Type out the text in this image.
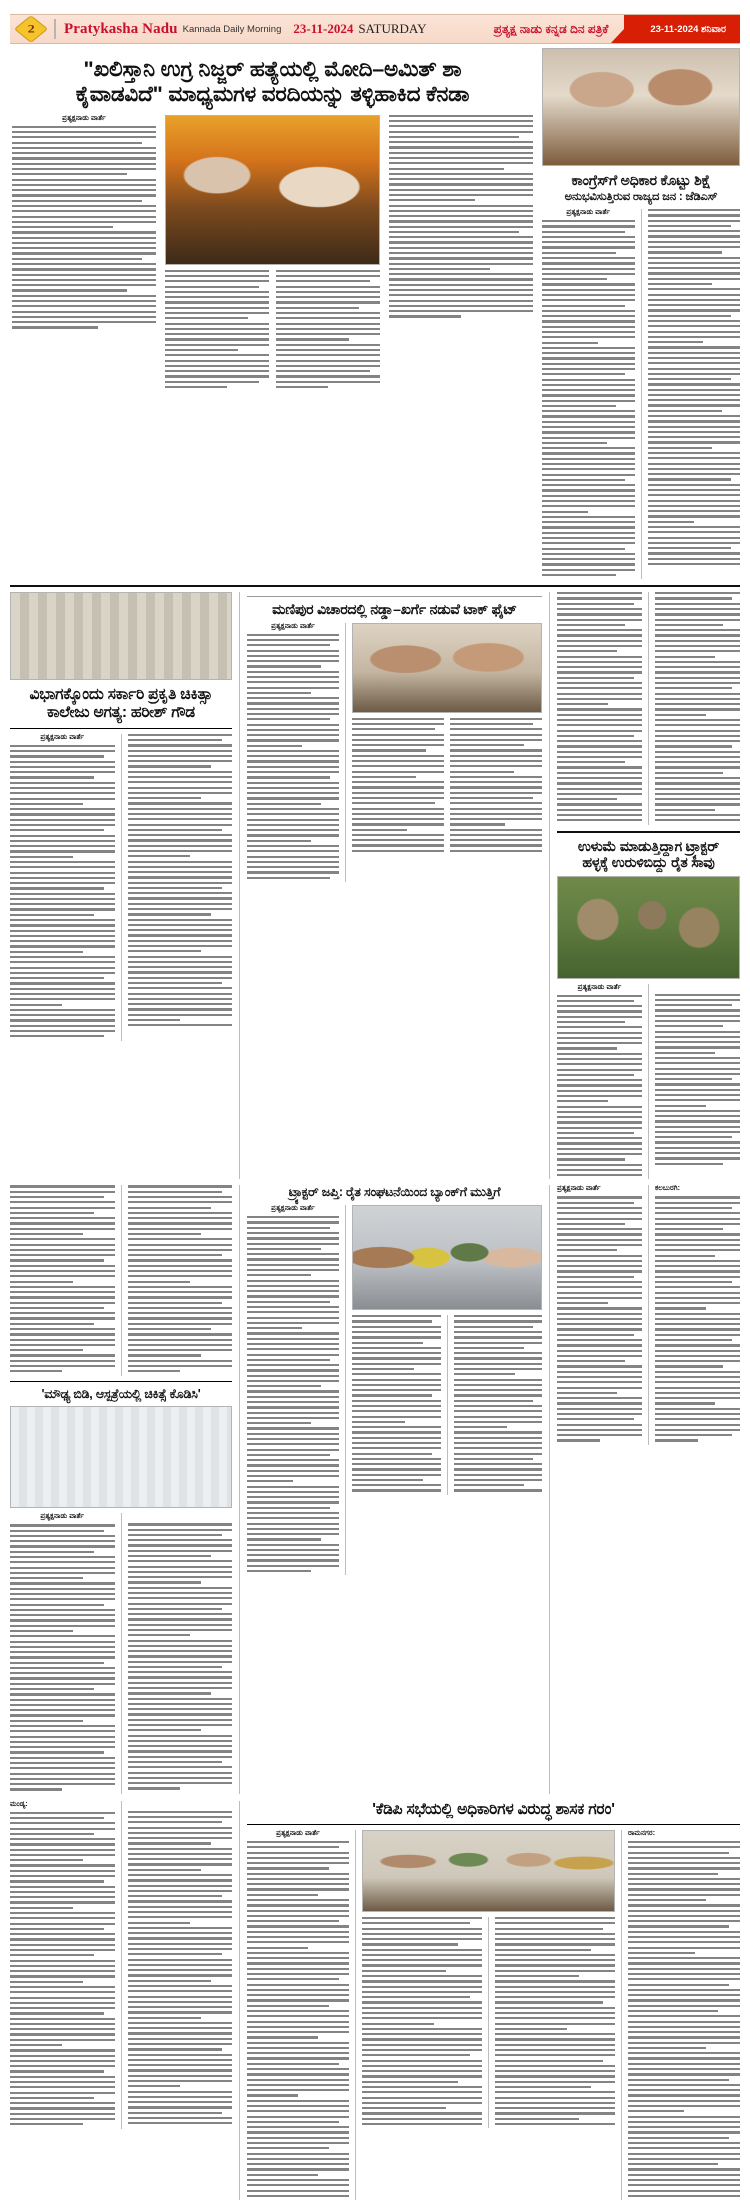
2 Pratykasha Nadu Kannada Daily Morning 23-11-2024 SATURDAY	ಪ್ರತ್ಯಕ್ಷ ನಾಡು ಕನ್ನಡ ದಿನ ಪತ್ರಿಕೆ	23-11-2024 ಶನಿವಾರ
"ಖಲಿಸ್ತಾನಿ ಉಗ್ರ ನಿಜ್ಜರ್ ಹತ್ಯೆಯಲ್ಲಿ ಮೋದಿ–ಅಮಿತ್ ಶಾ
ಕೈವಾಡವಿದೆ" ಮಾಧ್ಯಮಗಳ ವರದಿಯನ್ನು ತಳ್ಳಿಹಾಕಿದ ಕೆನಡಾ
ಪ್ರತ್ಯಕ್ಷನಾಡು ವಾರ್ತೆ
ಕಾಂಗ್ರೆಸ್‌ಗೆ ಅಧಿಕಾರ ಕೊಟ್ಟು ಶಿಕ್ಷೆ
ಅನುಭವಿಸುತ್ತಿರುವ ರಾಜ್ಯದ ಜನ : ಜೆಡಿಎಸ್
ಪ್ರತ್ಯಕ್ಷನಾಡು ವಾರ್ತೆ
ವಿಭಾಗಕ್ಕೊಂದು ಸರ್ಕಾರಿ ಪ್ರಕೃತಿ ಚಿಕಿತ್ಸಾ
ಕಾಲೇಜು ಅಗತ್ಯ: ಹರೀಶ್ ಗೌಡ
ಪ್ರತ್ಯಕ್ಷನಾಡು ವಾರ್ತೆ
ಮಣಿಪುರ ವಿಚಾರದಲ್ಲಿ ನಡ್ಡಾ–ಖರ್ಗೆ ನಡುವೆ ಟಾಕ್ ಫೈಟ್
ಪ್ರತ್ಯಕ್ಷನಾಡು ವಾರ್ತೆ
ಉಳುಮೆ ಮಾಡುತ್ತಿದ್ದಾಗ ಟ್ರ್ಯಾಕ್ಟರ್
ಹಳ್ಳಕ್ಕೆ ಉರುಳಿಬಿದ್ದು ರೈತ ಸಾವು
ಪ್ರತ್ಯಕ್ಷನಾಡು ವಾರ್ತೆ
'ಮೌಢ್ಯ ಬಿಡಿ, ಆಸ್ಪತ್ರೆಯಲ್ಲಿ ಚಿಕಿತ್ಸೆ ಕೊಡಿಸಿ'
ಪ್ರತ್ಯಕ್ಷನಾಡು ವಾರ್ತೆ
ಟ್ರ್ಯಾಕ್ಟರ್ ಜಪ್ತಿ: ರೈತ ಸಂಘಟನೆಯಿಂದ ಬ್ಯಾಂಕ್‌ಗೆ ಮುತ್ತಿಗೆ
ಪ್ರತ್ಯಕ್ಷನಾಡು ವಾರ್ತೆ
ಪ್ರತ್ಯಕ್ಷನಾಡು ವಾರ್ತೆ	ಕಲಬುರಗಿ:
ಮಂಡ್ಯ:	'ಕೆಡಿಪಿ ಸಭೆಯಲ್ಲಿ ಅಧಿಕಾರಿಗಳ ವಿರುದ್ಧ ಶಾಸಕ ಗರಂ'
ಪ್ರತ್ಯಕ್ಷನಾಡು ವಾರ್ತೆ	ರಾಮನಗರ:
